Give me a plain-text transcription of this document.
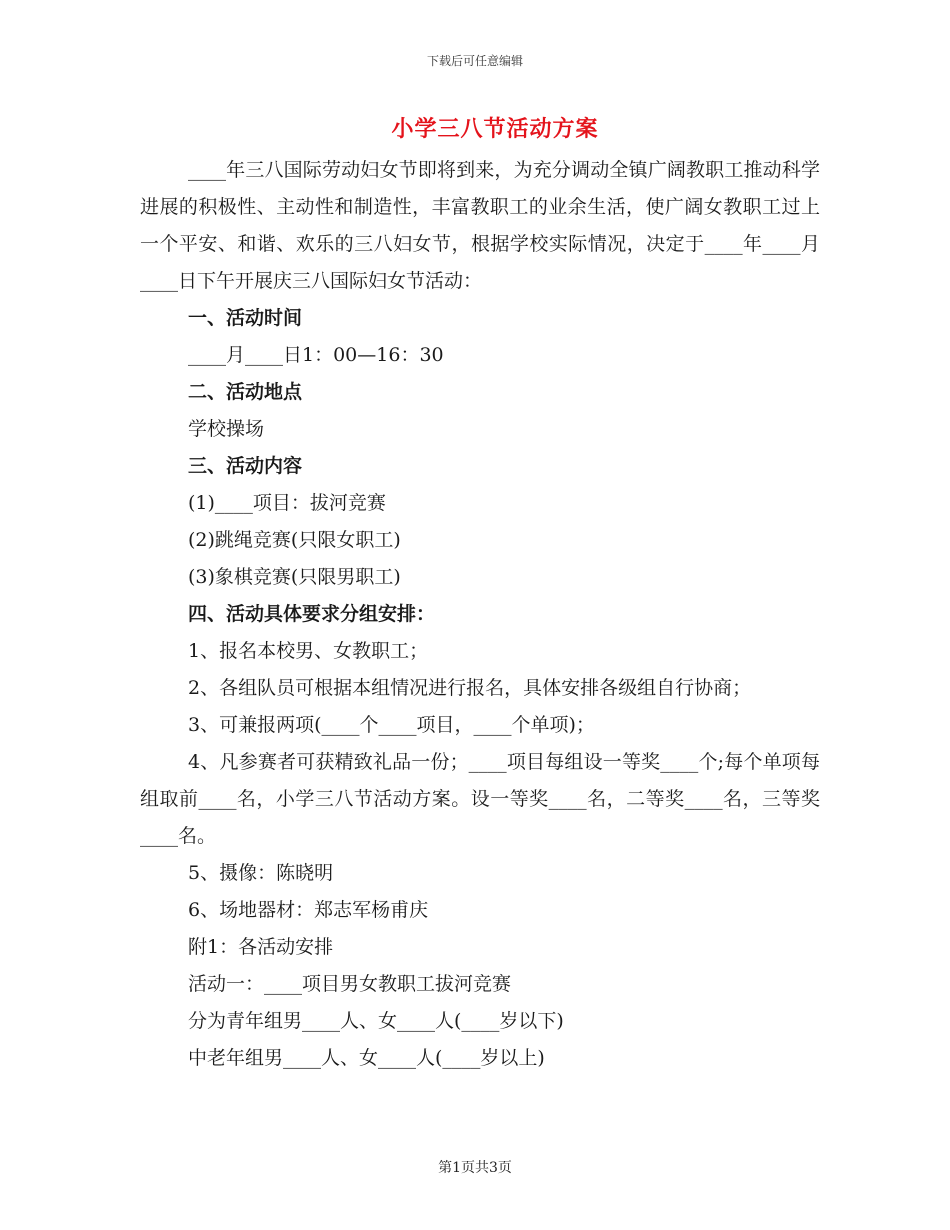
下载后可任意编辑
小学三八节活动方案

____年三八国际劳动妇女节即将到来，为充分调动全镇广阔教职工推动科学进展的积极性、主动性和制造性，丰富教职工的业余生活，使广阔女教职工过上一个平安、和谐、欢乐的三八妇女节，根据学校实际情况，决定于____年____月____日下午开展庆三八国际妇女节活动：

一、活动时间

____月____日1：00—16：30

二、活动地点

学校操场

三、活动内容

(1)____项目：拔河竞赛

(2)跳绳竞赛(只限女职工)

(3)象棋竞赛(只限男职工)

四、活动具体要求分组安排：

1、报名本校男、女教职工；

2、各组队员可根据本组情况进行报名，具体安排各级组自行协商；

3、可兼报两项(____个____项目，____个单项)；

4、凡参赛者可获精致礼品一份；____项目每组设一等奖____个;每个单项每组取前____名，小学三八节活动方案。设一等奖____名，二等奖____名，三等奖____名。

5、摄像：陈晓明

6、场地器材：郑志军杨甫庆

附1：各活动安排

活动一：____项目男女教职工拔河竞赛

分为青年组男____人、女____人(____岁以下)

中老年组男____人、女____人(____岁以上)

第1页共3页
